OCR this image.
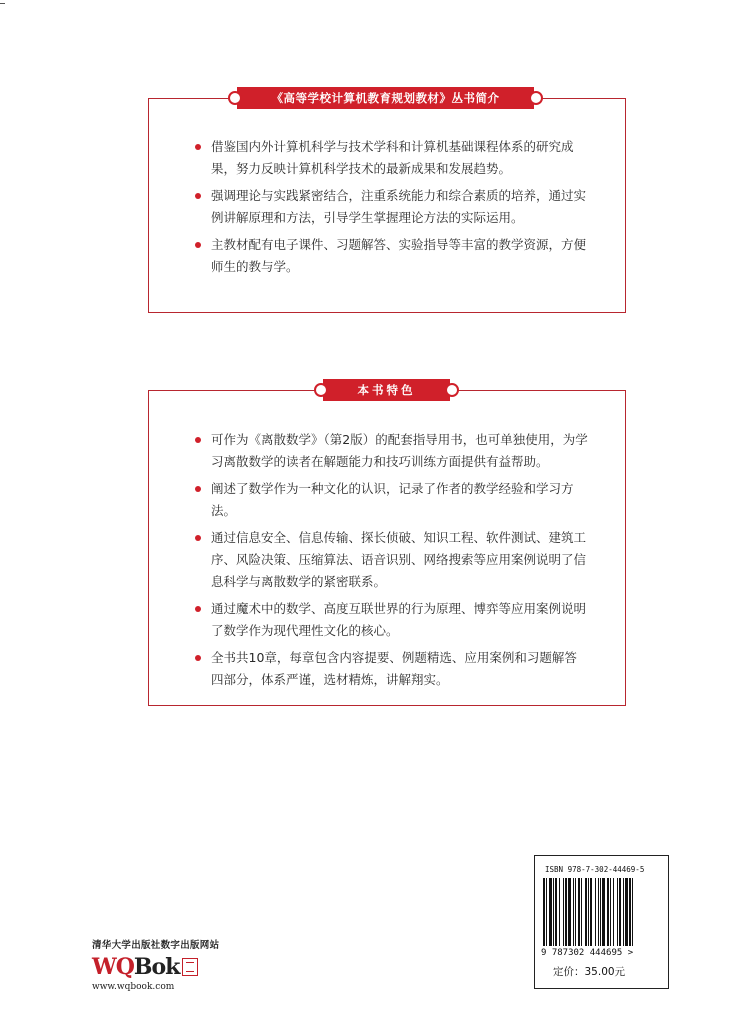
借鉴国内外计算机科学与技术学科和计算机基础课程体系的研究成果，努力反映计算机科学技术的最新成果和发展趋势。
强调理论与实践紧密结合，注重系统能力和综合素质的培养，通过实例讲解原理和方法，引导学生掌握理论方法的实际运用。
主教材配有电子课件、习题解答、实验指导等丰富的教学资源，方便师生的教与学。
《高等学校计算机教育规划教材》丛书简介
可作为《离散数学》（第2版）的配套指导用书，也可单独使用，为学习离散数学的读者在解题能力和技巧训练方面提供有益帮助。
阐述了数学作为一种文化的认识，记录了作者的教学经验和学习方法。
通过信息安全、信息传输、探长侦破、知识工程、软件测试、建筑工序、风险决策、压缩算法、语音识别、网络搜索等应用案例说明了信息科学与离散数学的紧密联系。
通过魔术中的数学、高度互联世界的行为原理、博弈等应用案例说明了数学作为现代理性文化的核心。
全书共10章，每章包含内容提要、例题精选、应用案例和习题解答四部分，体系严谨，选材精炼，讲解翔实。
本书特色
清华大学出版社数字出版网站
WQBok
www.wqbook.com
ISBN 978-7-302-44469-5
9 787302 444695 >
定价：35.00元
